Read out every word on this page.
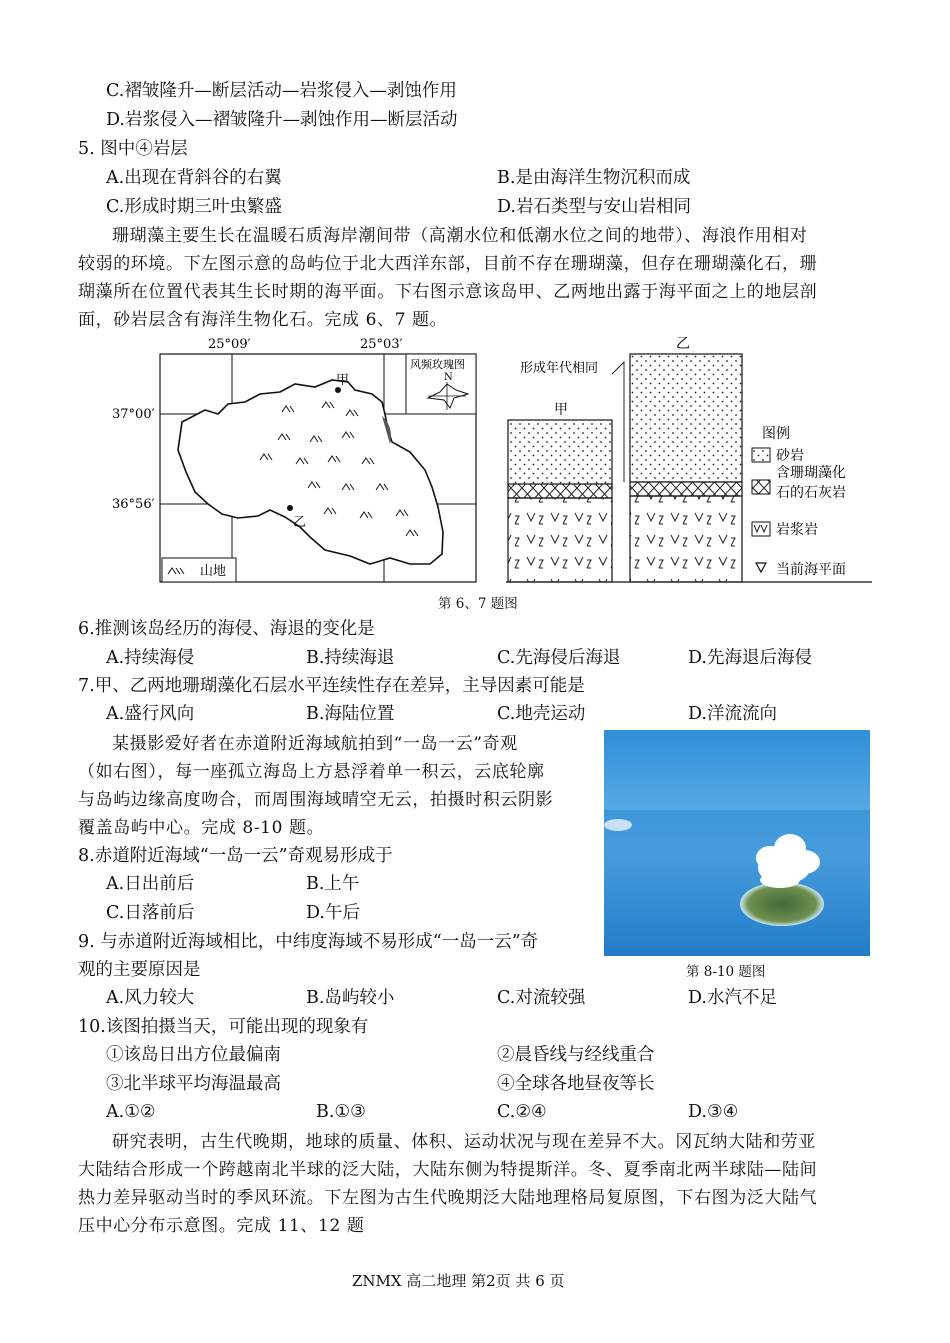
C.褶皱隆升—断层活动—岩浆侵入—剥蚀作用
D.岩浆侵入—褶皱隆升—剥蚀作用—断层活动
5. 图中④岩层
A.出现在背斜谷的右翼	B.是由海洋生物沉积而成
C.形成时期三叶虫繁盛	D.岩石类型与安山岩相同
珊瑚藻主要生长在温暖石质海岸潮间带（高潮水位和低潮水位之间的地带）、海浪作用相对
较弱的环境。下左图示意的岛屿位于北大西洋东部，目前不存在珊瑚藻，但存在珊瑚藻化石，珊
瑚藻所在位置代表其生长时期的海平面。下右图示意该岛甲、乙两地出露于海平面之上的地层剖
面，砂岩层含有海洋生物化石。完成 6、7 题。
25°09′	25°03′
37°00′
36°56′
甲
乙
风频玫瑰图
N
山地
甲
乙
形成年代相同
图例
砂岩
含珊瑚藻化
石的石灰岩
岩浆岩
当前海平面
第 6、7 题图
6.推测该岛经历的海侵、海退的变化是
A.持续海侵	B.持续海退	C.先海侵后海退	D.先海退后海侵
7.甲、乙两地珊瑚藻化石层水平连续性存在差异，主导因素可能是
A.盛行风向	B.海陆位置	C.地壳运动	D.洋流流向
某摄影爱好者在赤道附近海域航拍到“一岛一云”奇观
（如右图），每一座孤立海岛上方悬浮着单一积云，云底轮廓
与岛屿边缘高度吻合，而周围海域晴空无云，拍摄时积云阴影
覆盖岛屿中心。完成 8-10 题。
第 8-10 题图
8.赤道附近海域“一岛一云”奇观易形成于
A.日出前后	B.上午
C.日落前后	D.午后
9. 与赤道附近海域相比，中纬度海域不易形成“一岛一云”奇
观的主要原因是
A.风力较大	B.岛屿较小	C.对流较强	D.水汽不足
10.该图拍摄当天，可能出现的现象有
①该岛日出方位最偏南	②晨昏线与经线重合
③北半球平均海温最高	④全球各地昼夜等长
A.①②	B.①③	C.②④	D.③④
研究表明，古生代晚期，地球的质量、体积、运动状况与现在差异不大。冈瓦纳大陆和劳亚
大陆结合形成一个跨越南北半球的泛大陆，大陆东侧为特提斯洋。冬、夏季南北两半球陆—陆间
热力差异驱动当时的季风环流。下左图为古生代晚期泛大陆地理格局复原图，下右图为泛大陆气
压中心分布示意图。完成 11、12 题
ZNMX 高二地理 第2页 共 6 页
